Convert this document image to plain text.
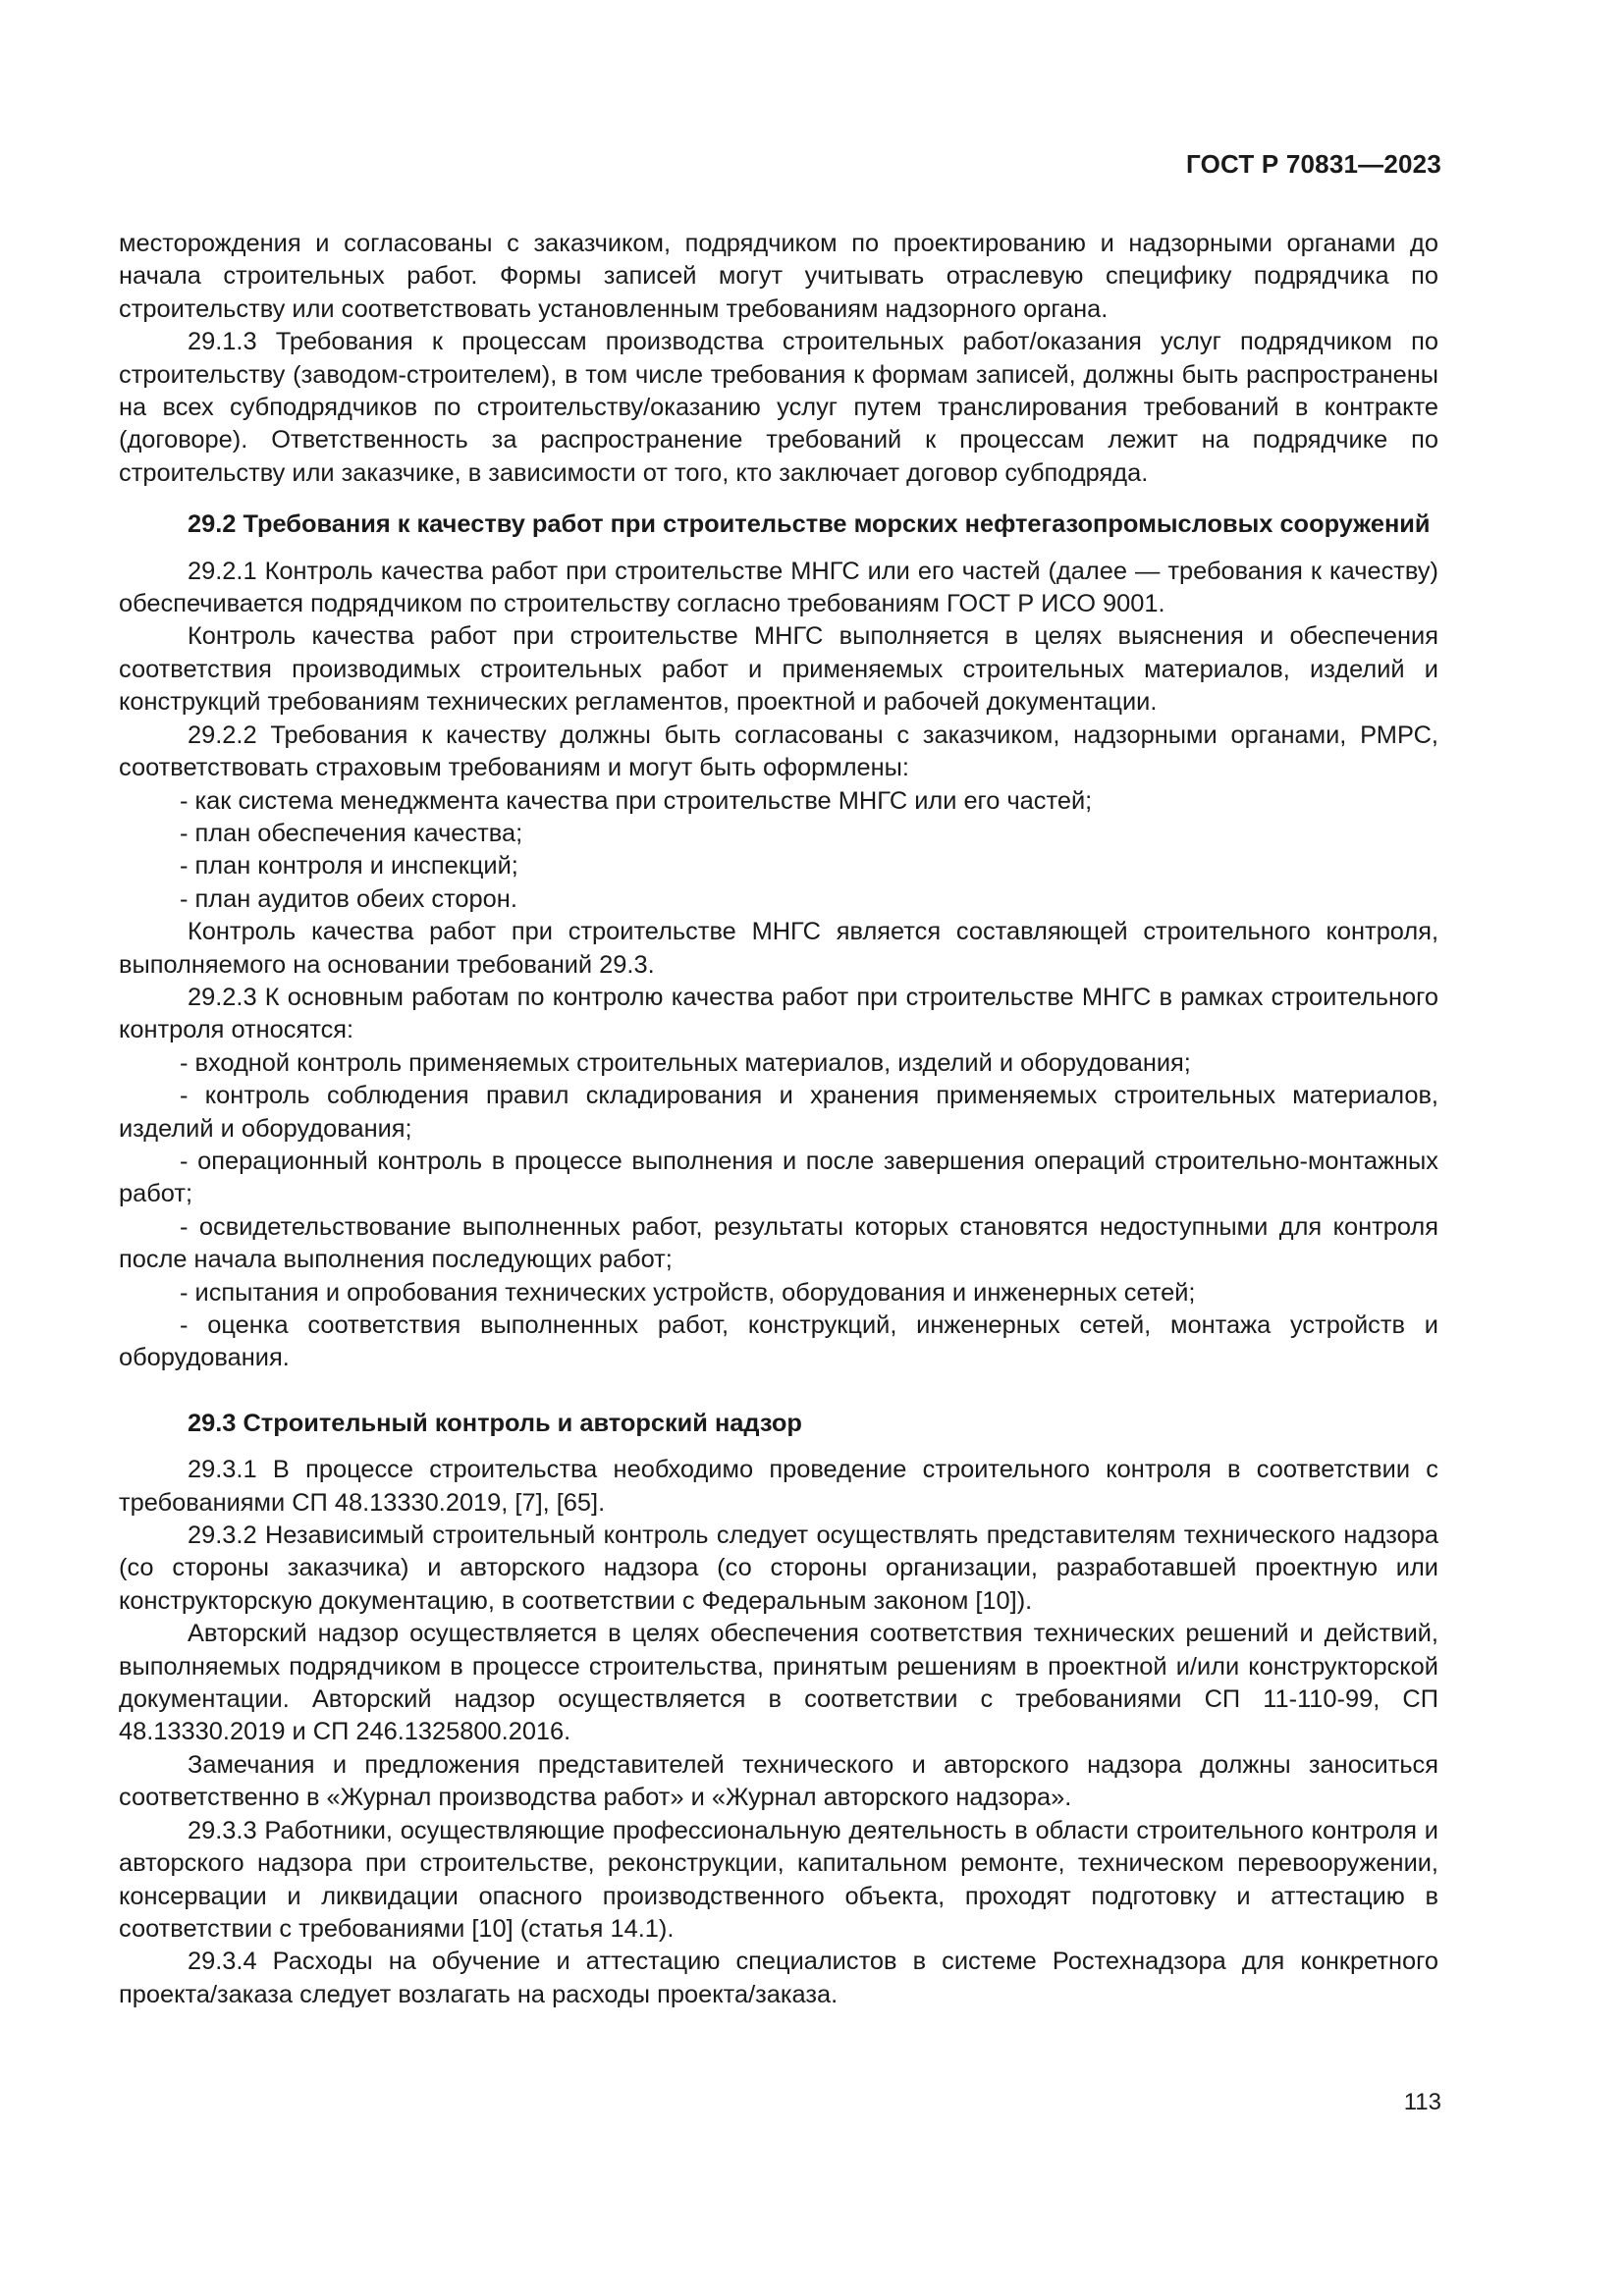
ГОСТ Р 70831—2023

месторождения и согласованы с заказчиком, подрядчиком по проектированию и надзорными органами до начала строительных работ. Формы записей могут учитывать отраслевую специфику подрядчика по строительству или соответствовать установленным требованиям надзорного органа.

29.1.3 Требования к процессам производства строительных работ/оказания услуг подрядчиком по строительству (заводом-строителем), в том числе требования к формам записей, должны быть распространены на всех субподрядчиков по строительству/оказанию услуг путем транслирования требований в контракте (договоре). Ответственность за распространение требований к процессам лежит на подрядчике по строительству или заказчике, в зависимости от того, кто заключает договор субподряда.

29.2 Требования к качеству работ при строительстве морских нефтегазопромысловых сооружений

29.2.1 Контроль качества работ при строительстве МНГС или его частей (далее — требования к качеству) обеспечивается подрядчиком по строительству согласно требованиям ГОСТ Р ИСО 9001.

Контроль качества работ при строительстве МНГС выполняется в целях выяснения и обеспечения соответствия производимых строительных работ и применяемых строительных материалов, изделий и конструкций требованиям технических регламентов, проектной и рабочей документации.

29.2.2 Требования к качеству должны быть согласованы с заказчиком, надзорными органами, РМРС, соответствовать страховым требованиям и могут быть оформлены:

- как система менеджмента качества при строительстве МНГС или его частей;

- план обеспечения качества;

- план контроля и инспекций;

- план аудитов обеих сторон.

Контроль качества работ при строительстве МНГС является составляющей строительного контроля, выполняемого на основании требований 29.3.

29.2.3 К основным работам по контролю качества работ при строительстве МНГС в рамках строительного контроля относятся:

- входной контроль применяемых строительных материалов, изделий и оборудования;

- контроль соблюдения правил складирования и хранения применяемых строительных материалов, изделий и оборудования;

- операционный контроль в процессе выполнения и после завершения операций строительно-монтажных работ;

- освидетельствование выполненных работ, результаты которых становятся недоступными для контроля после начала выполнения последующих работ;

- испытания и опробования технических устройств, оборудования и инженерных сетей;

- оценка соответствия выполненных работ, конструкций, инженерных сетей, монтажа устройств и оборудования.

29.3 Строительный контроль и авторский надзор

29.3.1 В процессе строительства необходимо проведение строительного контроля в соответствии с требованиями СП 48.13330.2019, [7], [65].

29.3.2 Независимый строительный контроль следует осуществлять представителям технического надзора (со стороны заказчика) и авторского надзора (со стороны организации, разработавшей проектную или конструкторскую документацию, в соответствии с Федеральным законом [10]).

Авторский надзор осуществляется в целях обеспечения соответствия технических решений и действий, выполняемых подрядчиком в процессе строительства, принятым решениям в проектной и/или конструкторской документации. Авторский надзор осуществляется в соответствии с требованиями СП 11-110-99, СП 48.13330.2019 и СП 246.1325800.2016.

Замечания и предложения представителей технического и авторского надзора должны заноситься соответственно в «Журнал производства работ» и «Журнал авторского надзора».

29.3.3 Работники, осуществляющие профессиональную деятельность в области строительного контроля и авторского надзора при строительстве, реконструкции, капитальном ремонте, техническом перевооружении, консервации и ликвидации опасного производственного объекта, проходят подготовку и аттестацию в соответствии с требованиями [10] (статья 14.1).

29.3.4 Расходы на обучение и аттестацию специалистов в системе Ростехнадзора для конкретного проекта/заказа следует возлагать на расходы проекта/заказа.

113
